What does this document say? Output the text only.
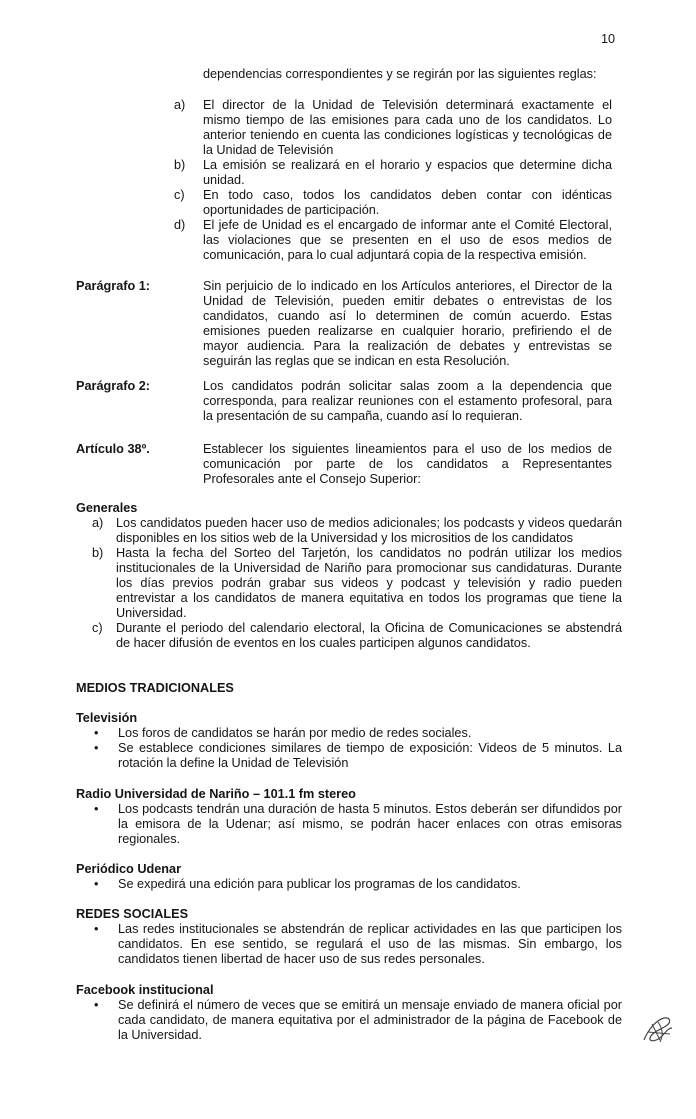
10
dependencias correspondientes y se regirán por las siguientes reglas:
a)	El director de la Unidad de Televisión determinará exactamente el mismo tiempo de las emisiones para cada uno de los candidatos. Lo anterior teniendo en cuenta las condiciones logísticas y tecnológicas de la Unidad de Televisión
b)	La emisión se realizará en el horario y espacios que determine dicha unidad.
c)	En todo caso, todos los candidatos deben contar con idénticas oportunidades de participación.
d)	El jefe de Unidad es el encargado de informar ante el Comité Electoral, las violaciones que se presenten en el uso de esos medios de comunicación, para lo cual adjuntará copia de la respectiva emisión.
Parágrafo 1:	Sin perjuicio de lo indicado en los Artículos anteriores, el Director de la Unidad de Televisión, pueden emitir debates o entrevistas de los candidatos, cuando así lo determinen de común acuerdo. Estas emisiones pueden realizarse en cualquier horario, prefiriendo el de mayor audiencia. Para la realización de debates y entrevistas se seguirán las reglas que se indican en esta Resolución.
Parágrafo 2:	Los candidatos podrán solicitar salas zoom a la dependencia que corresponda, para realizar reuniones con el estamento profesoral, para la presentación de su campaña, cuando así lo requieran.
Artículo 38º.	Establecer los siguientes lineamientos para el uso de los medios de comunicación por parte de los candidatos a Representantes Profesorales ante el Consejo Superior:
Generales
a)	Los candidatos pueden hacer uso de medios adicionales; los podcasts y videos quedarán disponibles en los sitios web de la Universidad y los micrositios de los candidatos
b)	Hasta la fecha del Sorteo del Tarjetón, los candidatos no podrán utilizar los medios institucionales de la Universidad de Nariño para promocionar sus candidaturas. Durante los días previos podrán grabar sus videos y podcast y televisión y radio pueden entrevistar a los candidatos de manera equitativa en todos los programas que tiene la Universidad.
c)	Durante el periodo del calendario electoral, la Oficina de Comunicaciones se abstendrá de hacer difusión de eventos en los cuales participen algunos candidatos.
MEDIOS TRADICIONALES
Televisión
•	Los foros de candidatos se harán por medio de redes sociales.
•	Se establece condiciones similares de tiempo de exposición: Videos de 5 minutos. La rotación la define la Unidad de Televisión
Radio Universidad de Nariño – 101.1 fm stereo
•	Los podcasts tendrán una duración de hasta 5 minutos. Estos deberán ser difundidos por la emisora de la Udenar; así mismo, se podrán hacer enlaces con otras emisoras regionales.
Periódico Udenar
•	Se expedirá una edición para publicar los programas de los candidatos.
REDES SOCIALES
•	Las redes institucionales se abstendrán de replicar actividades en las que participen los candidatos. En ese sentido, se regulará el uso de las mismas. Sin embargo, los candidatos tienen libertad de hacer uso de sus redes personales.
Facebook institucional
•	Se definirá el número de veces que se emitirá un mensaje enviado de manera oficial por cada candidato, de manera equitativa por el administrador de la página de Facebook de la Universidad.
